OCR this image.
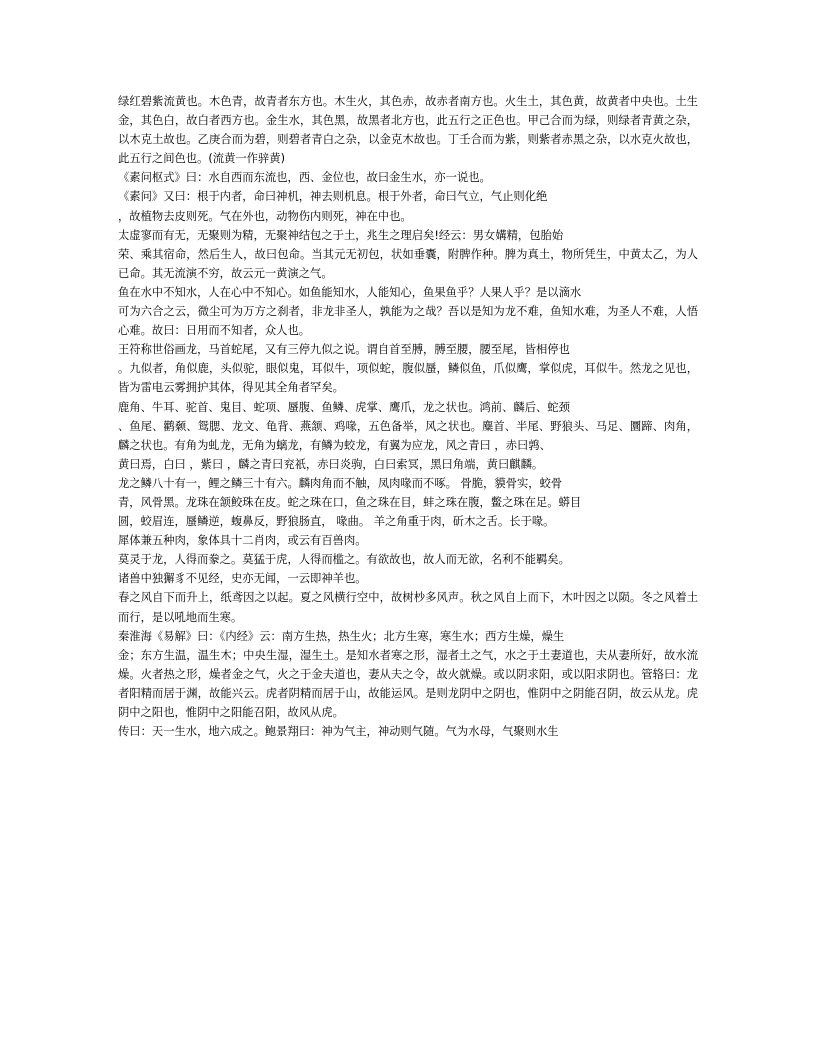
绿红碧紫流黄也。木色青，故青者东方也。木生火，其色赤，故赤者南方也。火生土，其色黄，故黄者中央也。土生金，其色白，故白者西方也。金生水，其色黑，故黑者北方也，此五行之正色也。甲己合而为绿，则绿者青黄之杂，以木克土故也。乙庚合而为碧，则碧者青白之杂，以金克木故也。丁壬合而为紫，则紫者赤黑之杂，以水克火故也，此五行之间色也。(流黄一作骍黄)

《素问枢式》曰：水自西而东流也，西、金位也，故曰金生水，亦一说也。

《素问》又曰：根于内者，命曰神机，神去则机息。根于外者，命曰气立，气止则化绝

，故植物去皮则死。气在外也，动物伤内则死，神在中也。

太虚寥而有无，无聚则为精，无聚神结包之于土，兆生之理启矣!经云：男女媾精，包胎始

荣、乘其宿命，然后生人，故曰包命。当其元无初包，状如垂囊，附脾作种。脾为真土，物所凭生，中黄太乙，为人已命。其无流演不穷，故云元一黄演之气。

鱼在水中不知水，人在心中不知心。如鱼能知水，人能知心，鱼果鱼乎？人果人乎？是以滴水

可为六合之云，微尘可为万方之刹者，非龙非圣人，孰能为之哉？吾以是知为龙不难，鱼知水难，为圣人不难，人悟心难。故曰：日用而不知者，众人也。

王符称世俗画龙，马首蛇尾，又有三停九似之说。谓自首至膊，膊至腰，腰至尾，皆相停也

。九似者，角似鹿，头似驼，眼似鬼，耳似牛，项似蛇，腹似蜃，鳞似鱼，爪似鹰，掌似虎，耳似牛。然龙之见也，皆为雷电云雾拥护其体，得见其全角者罕矣。

鹿角、牛耳、驼首、鬼目、蛇项、蜃腹、鱼鳞、虎掌、鹰爪，龙之状也。鸿前、麟后、蛇颈

、鱼尾、鹳颡、鸳腮、龙文、龟背、燕颔、鸡喙，五色备举，风之状也。麋首、半尾、野狼头、马足、圜蹄、肉角，麟之状也。有角为虬龙，无角为螭龙，有鳞为蛟龙，有翼为应龙，风之青曰 ，赤曰鹑、

黄曰焉，白曰 ，紫曰 ，麟之青曰兖祇，赤曰炎驹，白曰索冥，黑曰角端，黄曰麒麟。

龙之鳞八十有一，鲤之鳞三十有六。麟肉角而不触，凤肉喙而不啄。 骨脆，貘骨实，蛟骨

青，风骨黑。龙珠在颔鲛珠在皮。蛇之珠在口，鱼之珠在目，蚌之珠在腹，鳖之珠在足。蟒目

圆，蛟眉连，蜃鳞逆，蝮鼻反，野狼肠直， 喙曲。 羊之角重于肉，斫木之舌。长于喙。

犀体兼五种肉，象体具十二肖肉，或云有百兽肉。

莫灵于龙，人得而豢之。莫猛于虎，人得而槛之。有欲故也，故人而无欲，名利不能羁矣。

诸兽中独獬豸不见经，史亦无闻，一云即神羊也。

春之风自下而升上，纸鸢因之以起。夏之风横行空中，故树杪多风声。秋之风自上而下，木叶因之以陨。冬之风着土而行，是以吼地而生寒。

秦淮海《易解》曰：《内经》云：南方生热，热生火；北方生寒，寒生水；西方生燥，燥生

金；东方生温，温生木；中央生湿，湿生土。是知水者寒之形，湿者土之气，水之于土妻道也，夫从妻所好，故水流燥。火者热之形，燥者金之气，火之于金夫道也，妻从夫之令，故火就燥。或以阴求阳，或以阳求阴也。管辂曰：龙者阳精而居于渊，故能兴云。虎者阴精而居于山，故能运风。是则龙阴中之阴也，惟阴中之阴能召阴，故云从龙。虎阴中之阳也，惟阴中之阳能召阳，故风从虎。

传曰：天一生水，地六成之。鲍景翔曰：神为气主，神动则气随。气为水母，气聚则水生
